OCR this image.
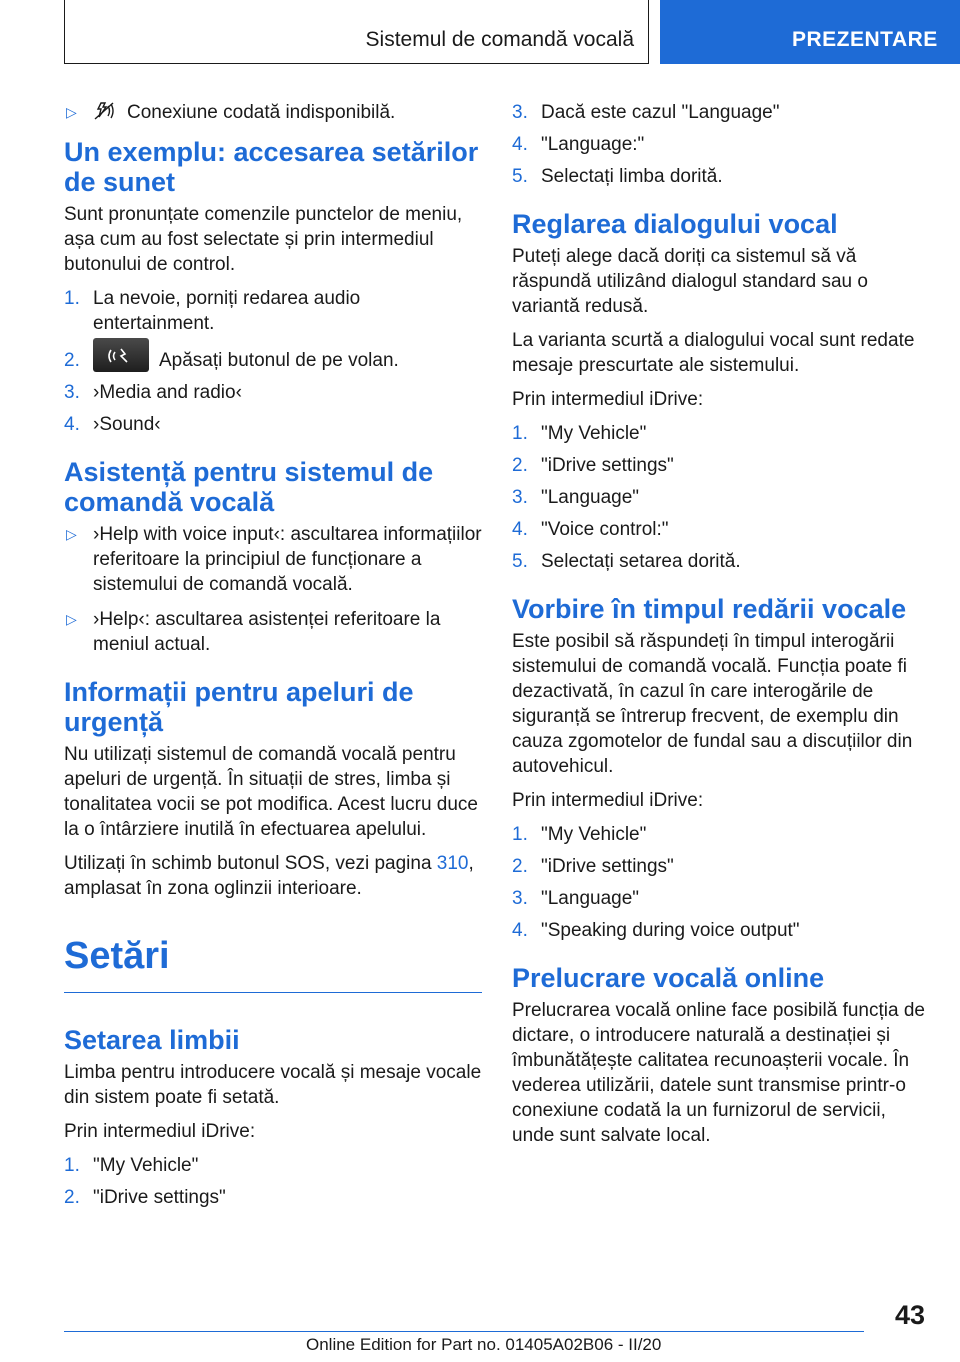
Sistemul de comandă vocală	PREZENTARE
▷	Conexiune codată indisponibilă.
Un exemplu: accesarea setărilor de sunet

Sunt pronunțate comenzile punctelor de meniu, așa cum au fost selectate și prin intermediul butonului de control.

1. La nevoie, porniți redarea audio entertainment.
2.	Apăsați butonul de pe volan.
3. ›Media and radio‹
4. ›Sound‹
Asistență pentru sistemul de comandă vocală
▷ ›Help with voice input‹: ascultarea informațiilor referitoare la principiul de funcționare a sistemului de comandă vocală.
▷ ›Help‹: ascultarea asistenței referitoare la meniul actual.
Informații pentru apeluri de urgență

Nu utilizați sistemul de comandă vocală pentru apeluri de urgență. În situații de stres, limba și tonalitatea vocii se pot modifica. Acest lucru duce la o întârziere inutilă în efectuarea apelului.

Utilizați în schimb butonul SOS, vezi pagina 310, amplasat în zona oglinzii interioare.

Setări
Setarea limbii

Limba pentru introducere vocală și mesaje vocale din sistem poate fi setată.

Prin intermediul iDrive:

1. "My Vehicle"
2. "iDrive settings"
3. Dacă este cazul "Language"
4. "Language:"
5. Selectați limba dorită.
Reglarea dialogului vocal

Puteți alege dacă doriți ca sistemul să vă răspundă utilizând dialogul standard sau o variantă redusă.

La varianta scurtă a dialogului vocal sunt redate mesaje prescurtate ale sistemului.

Prin intermediul iDrive:

1. "My Vehicle"
2. "iDrive settings"
3. "Language"
4. "Voice control:"
5. Selectați setarea dorită.
Vorbire în timpul redării vocale

Este posibil să răspundeți în timpul interogării sistemului de comandă vocală. Funcția poate fi dezactivată, în cazul în care interogările de siguranță se întrerup frecvent, de exemplu din cauza zgomotelor de fundal sau a discuțiilor din autovehicul.

Prin intermediul iDrive:

1. "My Vehicle"
2. "iDrive settings"
3. "Language"
4. "Speaking during voice output"
Prelucrare vocală online

Prelucrarea vocală online face posibilă funcția de dictare, o introducere naturală a destinației și îmbunătățește calitatea recunoașterii vocale. În vederea utilizării, datele sunt transmise printr-o conexiune codată la un furnizorul de servicii, unde sunt salvate local.

43
Online Edition for Part no. 01405A02B06 - II/20
